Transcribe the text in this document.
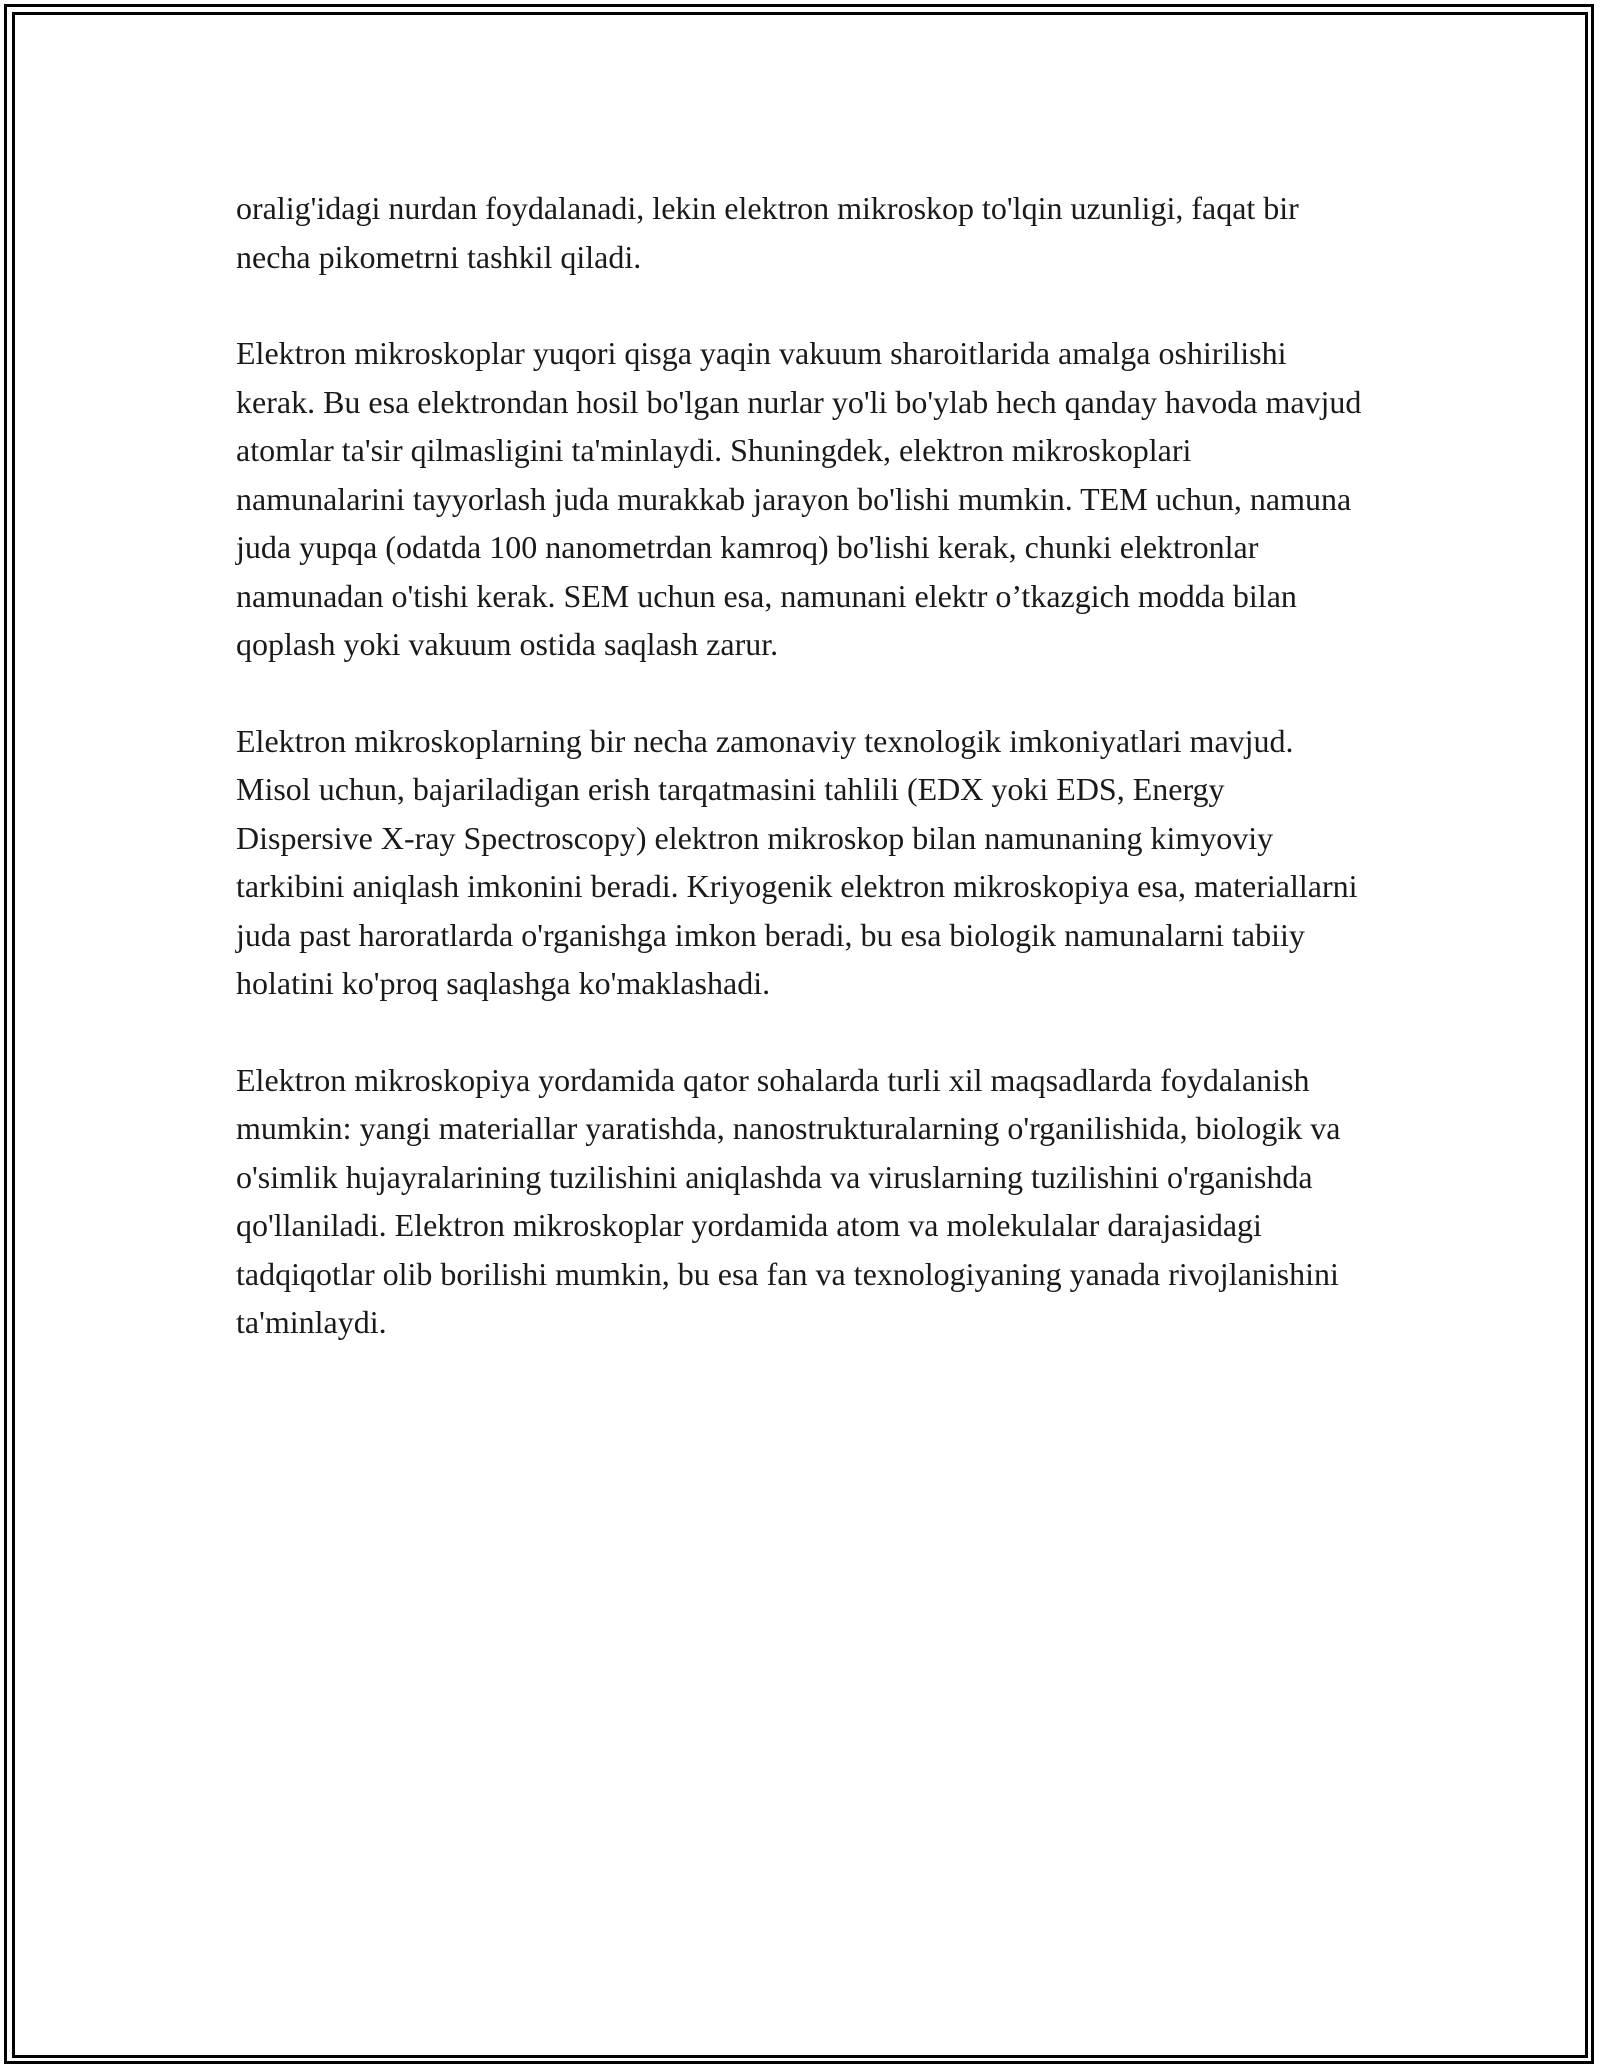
oralig'idagi nurdan foydalanadi, lekin elektron mikroskop to'lqin uzunligi, faqat bir necha pikometrni tashkil qiladi.

Elektron mikroskoplar yuqori qisga yaqin vakuum sharoitlarida amalga oshirilishi kerak. Bu esa elektrondan hosil bo'lgan nurlar yo'li bo'ylab hech qanday havoda mavjud atomlar ta'sir qilmasligini ta'minlaydi. Shuningdek, elektron mikroskoplari namunalarini tayyorlash juda murakkab jarayon bo'lishi mumkin. TEM uchun, namuna juda yupqa (odatda 100 nanometrdan kamroq) bo'lishi kerak, chunki elektronlar namunadan o'tishi kerak. SEM uchun esa, namunani elektr o’tkazgich modda bilan qoplash yoki vakuum ostida saqlash zarur.

Elektron mikroskoplarning bir necha zamonaviy texnologik imkoniyatlari mavjud. Misol uchun, bajariladigan erish tarqatmasini tahlili (EDX yoki EDS, Energy Dispersive X-ray Spectroscopy) elektron mikroskop bilan namunaning kimyoviy tarkibini aniqlash imkonini beradi. Kriyogenik elektron mikroskopiya esa, materiallarni juda past haroratlarda o'rganishga imkon beradi, bu esa biologik namunalarni tabiiy holatini ko'proq saqlashga ko'maklashadi.

Elektron mikroskopiya yordamida qator sohalarda turli xil maqsadlarda foydalanish mumkin: yangi materiallar yaratishda, nanostrukturalarning o'rganilishida, biologik va o'simlik hujayralarining tuzilishini aniqlashda va viruslarning tuzilishini o'rganishda qo'llaniladi. Elektron mikroskoplar yordamida atom va molekulalar darajasidagi tadqiqotlar olib borilishi mumkin, bu esa fan va texnologiyaning yanada rivojlanishini ta'minlaydi.
